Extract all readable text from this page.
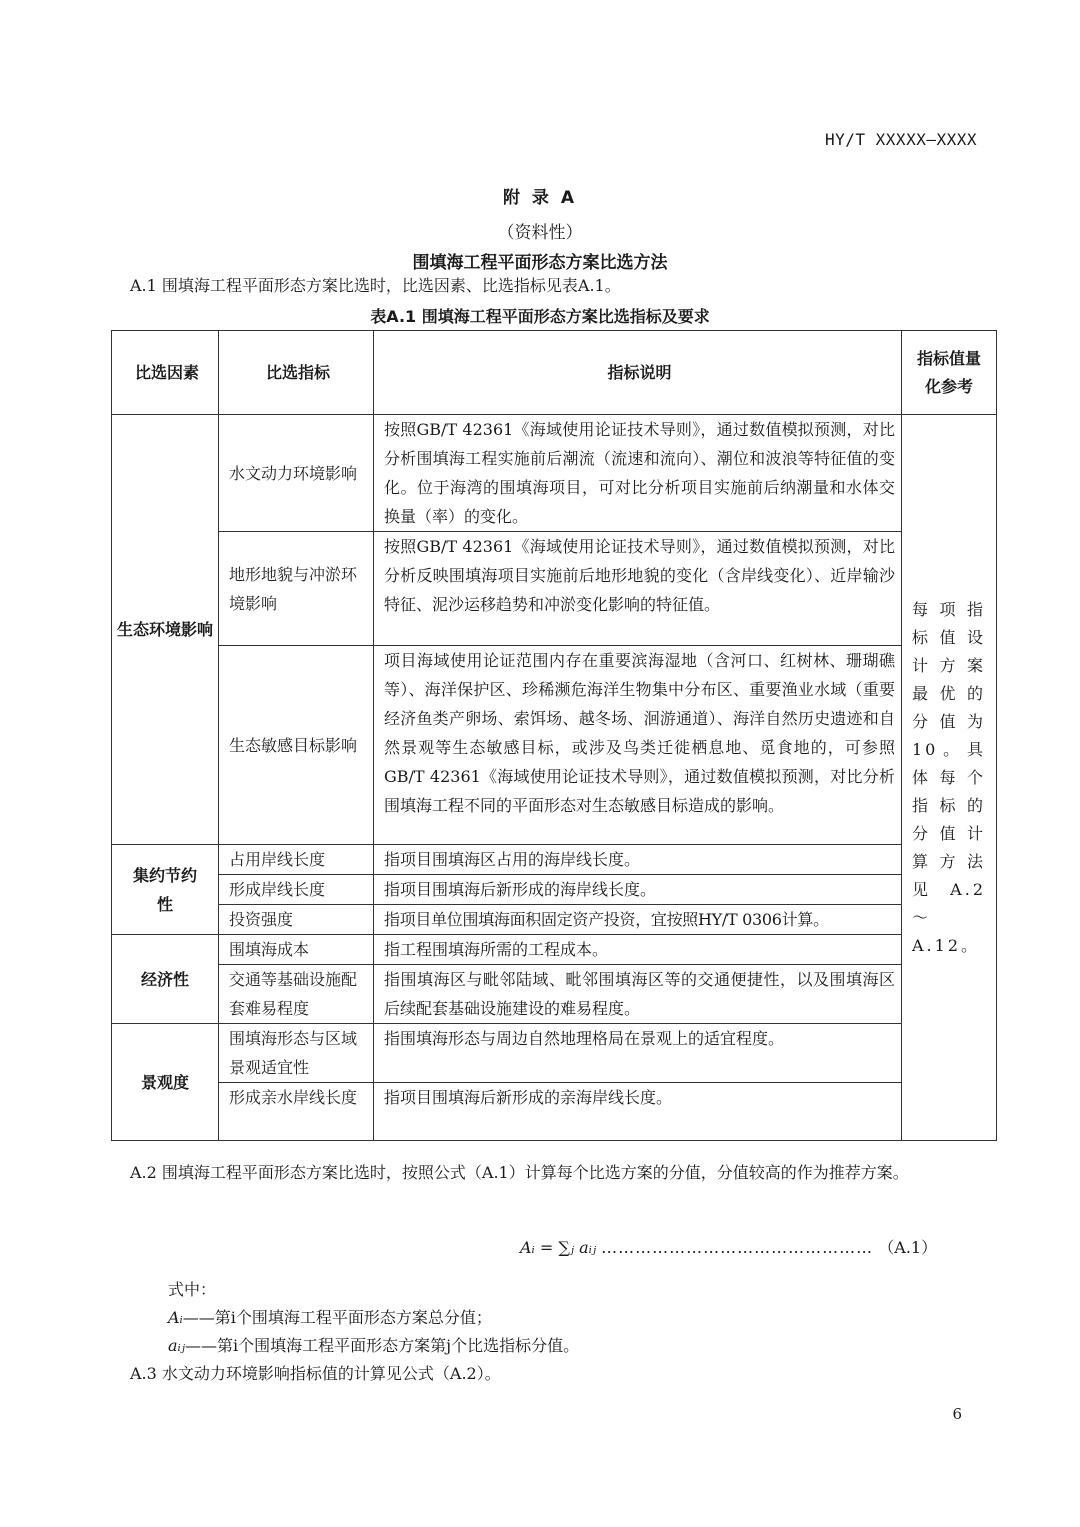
HY/T XXXXX—XXXX
附 录 A
（资料性）
围填海工程平面形态方案比选方法
A.1 围填海工程平面形态方案比选时，比选因素、比选指标见表A.1。
表A.1 围填海工程平面形态方案比选指标及要求
比选因素	比选指标	指标说明	指标值量化参考
生态环境影响	水文动力环境影响	按照GB/T 42361《海域使用论证技术导则》，通过数值模拟预测，对比分析围填海工程实施前后潮流（流速和流向）、潮位和波浪等特征值的变化。位于海湾的围填海项目，可对比分析项目实施前后纳潮量和水体交换量（率）的变化。	每项指标值设计方案最优的分值为10。具体每个指标的分值计算方法见A.2 ～A.12。
	地形地貌与冲淤环境影响	按照GB/T 42361《海域使用论证技术导则》，通过数值模拟预测，对比分析反映围填海项目实施前后地形地貌的变化（含岸线变化）、近岸输沙特征、泥沙运移趋势和冲淤变化影响的特征值。	
	生态敏感目标影响	项目海域使用论证范围内存在重要滨海湿地（含河口、红树林、珊瑚礁等）、海洋保护区、珍稀濒危海洋生物集中分布区、重要渔业水域（重要经济鱼类产卵场、索饵场、越冬场、洄游通道）、海洋自然历史遗迹和自然景观等生态敏感目标，或涉及鸟类迁徙栖息地、觅食地的，可参照GB/T 42361《海域使用论证技术导则》，通过数值模拟预测，对比分析围填海工程不同的平面形态对生态敏感目标造成的影响。	
集约节约性	占用岸线长度	指项目围填海区占用的海岸线长度。	
	形成岸线长度	指项目围填海后新形成的海岸线长度。	
	投资强度	指项目单位围填海面积固定资产投资，宜按照HY/T 0306计算。	
经济性	围填海成本	指工程围填海所需的工程成本。	
	交通等基础设施配套难易程度	指围填海区与毗邻陆域、毗邻围填海区等的交通便捷性，以及围填海区后续配套基础设施建设的难易程度。	
景观度	围填海形态与区域景观适宜性	指围填海形态与周边自然地理格局在景观上的适宜程度。	
	形成亲水岸线长度	指项目围填海后新形成的亲海岸线长度。	
A.2 围填海工程平面形态方案比选时，按照公式（A.1）计算每个比选方案的分值，分值较高的作为推荐方案。
Aᵢ = ∑ⱼ aᵢⱼ ………………………………………… （A.1）
式中：
Aᵢ——第i个围填海工程平面形态方案总分值；
aᵢⱼ——第i个围填海工程平面形态方案第j个比选指标分值。
A.3 水文动力环境影响指标值的计算见公式（A.2）。
6
